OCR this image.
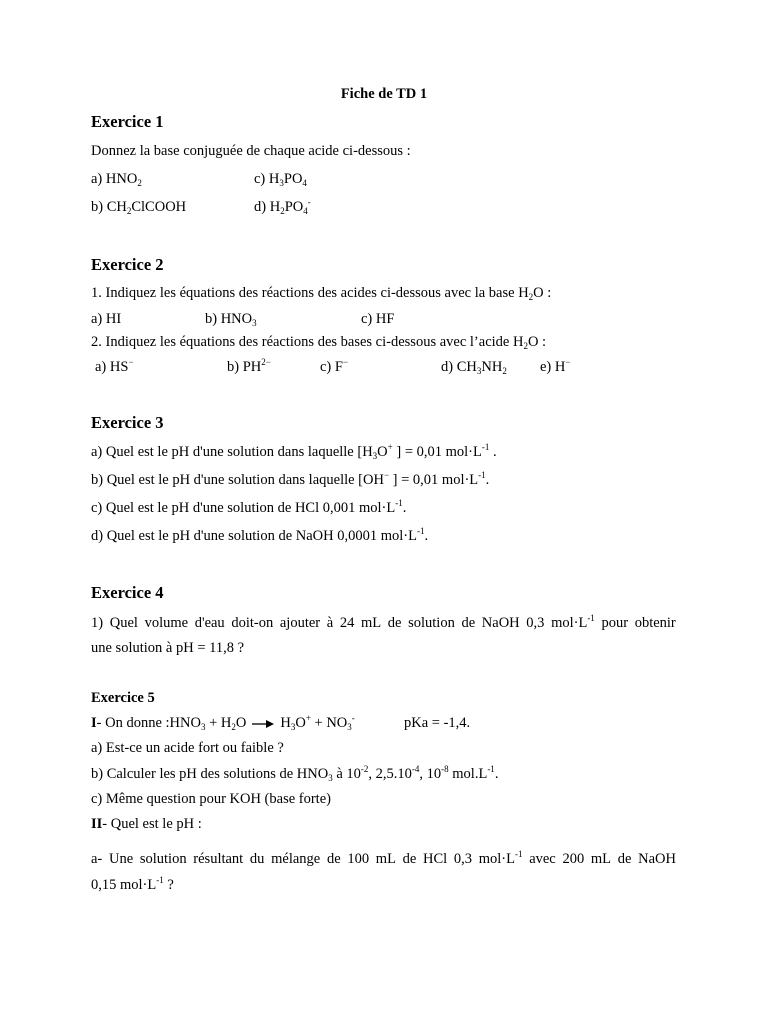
Fiche de TD 1
Exercice 1
Donnez la base conjuguée de chaque acide ci-dessous :
a) $HNO_2$	c) $H_3PO_4$
b) $CH_2ClCOOH$	d) $H_2PO_4^-$
Exercice 2
1. Indiquez les équations des réactions des acides ci-dessous avec la base $H_2O$ :
a) HI	b) $HNO_3$	c) HF
2. Indiquez les équations des réactions des bases ci-dessous avec l’acide $H_2O$ :
a) HS−	b) $PH^{2-}$	c) F−	d) $CH_3NH_2$ e) H−
Exercice 3
a) Quel est le pH d'une solution dans laquelle [$H_3O^+$ ] = 0,01 $mol\cdot L^{-1}$ .
b) Quel est le pH d'une solution dans laquelle [OH− ] = 0,01 $mol\cdot L^{-1}$.
c) Quel est le pH d'une solution de HCl 0,001 $mol\cdot L^{-1}$.
d) Quel est le pH d'une solution de NaOH 0,0001 $mol\cdot L^{-1}$.
Exercice 4
1) Quel volume d'eau doit-on ajouter à 24 mL de solution de NaOH 0,3 $mol\cdot L^{-1}$ pour obtenir
une solution à pH = 11,8 ?
Exercice 5
I- On donne $:HNO_3 + H_2O \to H_3O^+ + NO_3^-$	pKa = -1,4.
a) Est-ce un acide fort ou faible ?
b) Calculer les pH des solutions de $HNO_3$ à $10^{-2}$, $2,5.10^{-4}$, $10^{-8}$ $mol.L^{-1}$.
c) Même question pour KOH (base forte)
II- Quel est le pH :
a- Une solution résultant du mélange de 100 mL de HCl 0,3 $mol\cdot L^{-1}$ avec 200 mL de NaOH
0,15 $mol\cdot L^{-1}$ ?
